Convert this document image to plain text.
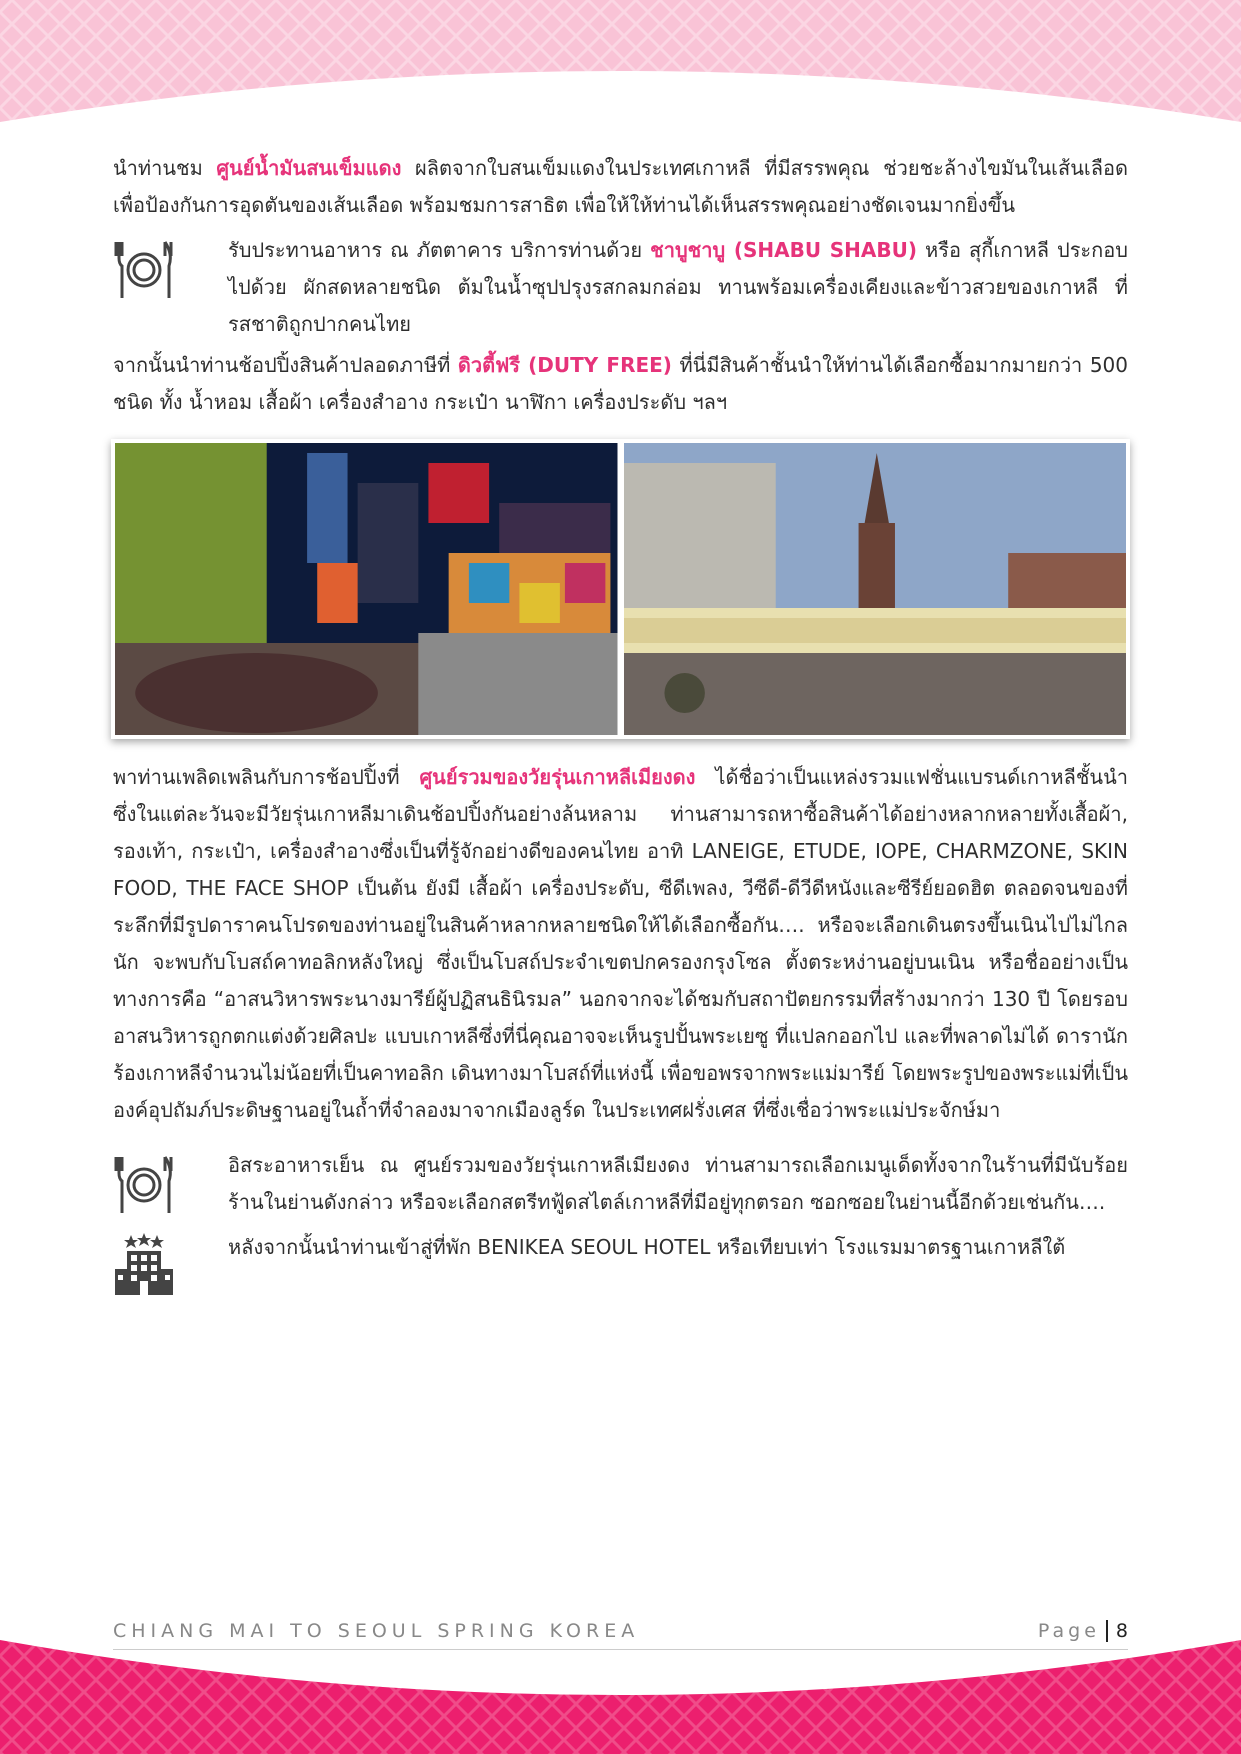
นำท่านชม ศูนย์น้ำมันสนเข็มแดง ผลิตจากใบสนเข็มแดงในประเทศเกาหลี ที่มีสรรพคุณ ช่วยชะล้างไขมันในเส้นเลือด เพื่อป้องกันการอุดตันของเส้นเลือด พร้อมชมการสาธิต เพื่อให้ให้ท่านได้เห็นสรรพคุณอย่างชัดเจนมากยิ่งขึ้น

รับประทานอาหาร ณ ภัตตาคาร บริการท่านด้วย ชาบูชาบู (SHABU SHABU) หรือ สุกี้เกาหลี ประกอบไปด้วย ผักสดหลายชนิด ต้มในน้ำซุปปรุงรสกลมกล่อม ทานพร้อมเครื่องเคียงและข้าวสวยของเกาหลี ที่รสชาติถูกปากคนไทย

จากนั้นนำท่านช้อปปิ้งสินค้าปลอดภาษีที่ ดิวตี้ฟรี (DUTY FREE) ที่นี่มีสินค้าชั้นนำให้ท่านได้เลือกซื้อมากมายกว่า 500 ชนิด ทั้ง น้ำหอม เสื้อผ้า เครื่องสำอาง กระเป๋า นาฬิกา เครื่องประดับ ฯลฯ

พาท่านเพลิดเพลินกับการช้อปปิ้งที่ ศูนย์รวมของวัยรุ่นเกาหลีเมียงดง ได้ชื่อว่าเป็นแหล่งรวมแฟชั่นแบรนด์เกาหลีชั้นนำ ซึ่งในแต่ละวันจะมีวัยรุ่นเกาหลีมาเดินช้อปปิ้งกันอย่างล้นหลาม ท่านสามารถหาซื้อสินค้าได้อย่างหลากหลายทั้งเสื้อผ้า, รองเท้า, กระเป๋า, เครื่องสำอางซึ่งเป็นที่รู้จักอย่างดีของคนไทย อาทิ LANEIGE, ETUDE, IOPE, CHARMZONE, SKIN FOOD, THE FACE SHOP เป็นต้น ยังมี เสื้อผ้า เครื่องประดับ, ซีดีเพลง, วีซีดี-ดีวีดีหนังและซีรีย์ยอดฮิต ตลอดจนของที่ระลึกที่มีรูปดาราคนโปรดของท่านอยู่ในสินค้าหลากหลายชนิดให้ได้เลือกซื้อกัน…. หรือจะเลือกเดินตรงขึ้นเนินไปไม่ไกลนัก จะพบกับโบสถ์คาทอลิกหลังใหญ่ ซึ่งเป็นโบสถ์ประจำเขตปกครองกรุงโซล ตั้งตระหง่านอยู่บนเนิน หรือชื่ออย่างเป็นทางการคือ “อาสนวิหารพระนางมารีย์ผู้ปฏิสนธินิรมล” นอกจากจะได้ชมกับสถาปัตยกรรมที่สร้างมากว่า 130 ปี โดยรอบอาสนวิหารถูกตกแต่งด้วยศิลปะ แบบเกาหลีซึ่งที่นี่คุณอาจจะเห็นรูปปั้นพระเยซู ที่แปลกออกไป และที่พลาดไม่ได้ ดารานักร้องเกาหลีจำนวนไม่น้อยที่เป็นคาทอลิก เดินทางมาโบสถ์ที่แห่งนี้ เพื่อขอพรจากพระแม่มารีย์ โดยพระรูปของพระแม่ที่เป็นองค์อุปถัมภ์ประดิษฐานอยู่ในถ้ำที่จำลองมาจากเมืองลูร์ด ในประเทศฝรั่งเศส ที่ซึ่งเชื่อว่าพระแม่ประจักษ์มา

อิสระอาหารเย็น ณ ศูนย์รวมของวัยรุ่นเกาหลีเมียงดง ท่านสามารถเลือกเมนูเด็ดทั้งจากในร้านที่มีนับร้อยร้านในย่านดังกล่าว หรือจะเลือกสตรีทฟู้ดสไตล์เกาหลีที่มีอยู่ทุกตรอก ซอกซอยในย่านนี้อีกด้วยเช่นกัน….

หลังจากนั้นนำท่านเข้าสู่ที่พัก BENIKEA SEOUL HOTEL หรือเทียบเท่า โรงแรมมาตรฐานเกาหลีใต้

CHIANG MAI TO SEOUL SPRING KOREA	Page 8
